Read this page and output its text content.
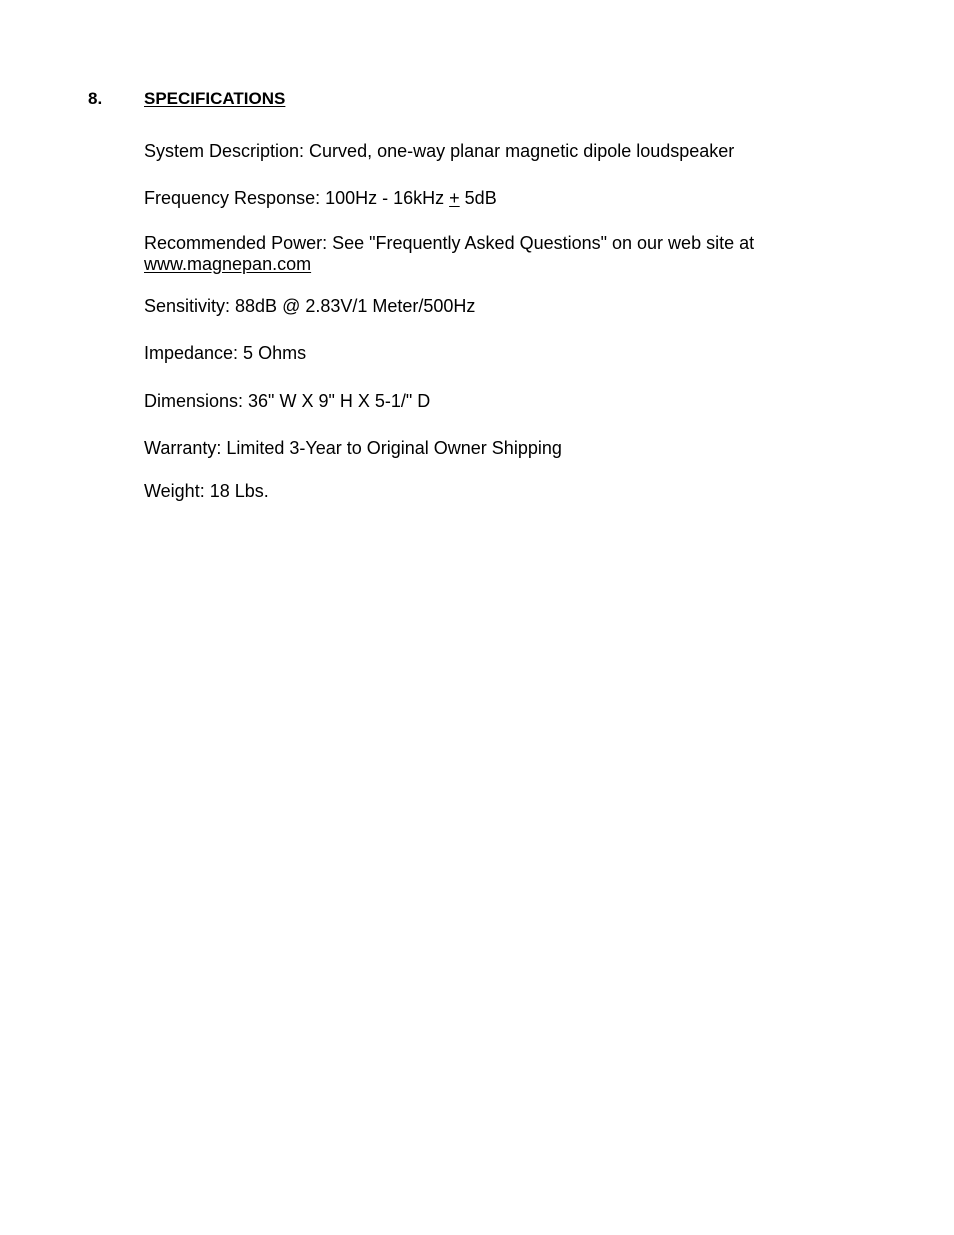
8. SPECIFICATIONS
System Description: Curved, one-way planar magnetic dipole loudspeaker
Frequency Response: 100Hz - 16kHz + 5dB
Recommended Power: See "Frequently Asked Questions" on our web site at
www.magnepan.com
Sensitivity: 88dB @ 2.83V/1 Meter/500Hz
Impedance: 5 Ohms
Dimensions: 36" W X 9" H X 5-1/" D
Warranty: Limited 3-Year to Original Owner Shipping
Weight: 18 Lbs.
